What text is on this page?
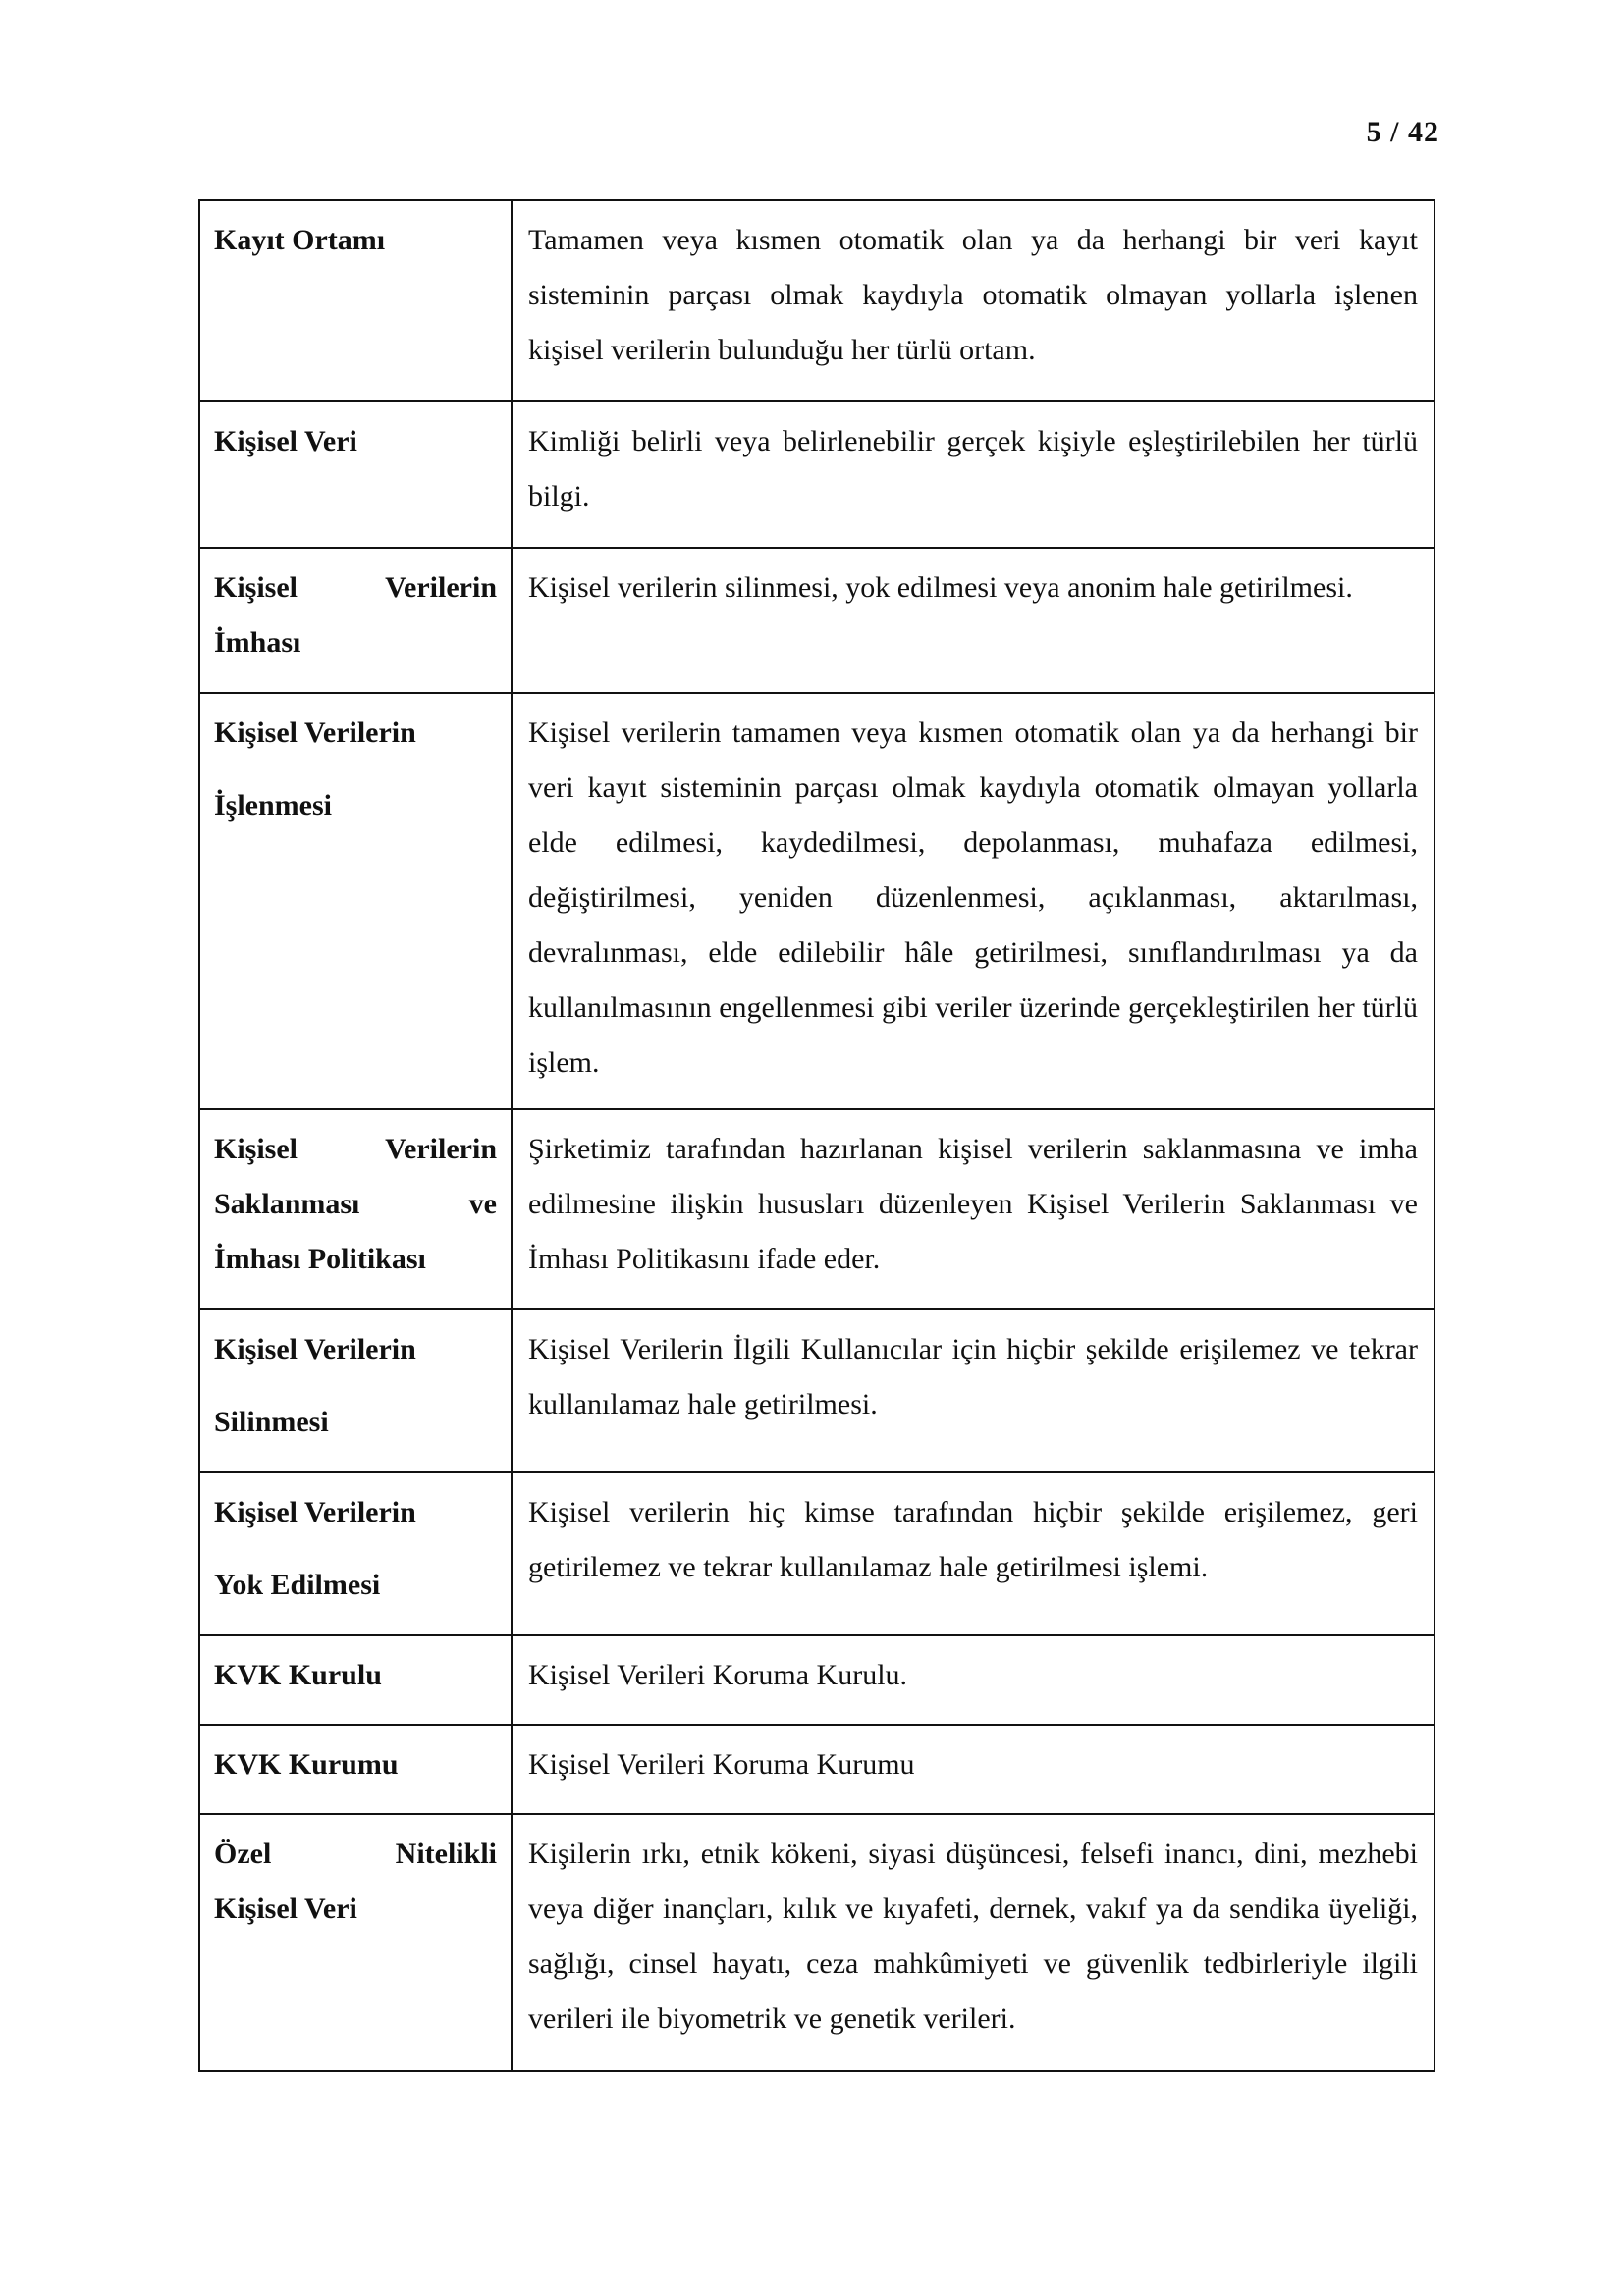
5 / 42
Kayıt Ortamı	Tamamen veya kısmen otomatik olan ya da herhangi bir veri kayıt sisteminin parçası olmak kaydıyla otomatik olmayan yollarla işlenen kişisel verilerin bulunduğu her türlü ortam.

Kişisel Veri	Kimliği belirli veya belirlenebilir gerçek kişiyle eşleştirilebilen her türlü bilgi.

Kişisel Verilerin
İmhası	Kişisel verilerin silinmesi, yok edilmesi veya anonim hale getirilmesi.

Kişisel Verilerin
İşlenmesi	Kişisel verilerin tamamen veya kısmen otomatik olan ya da herhangi bir veri kayıt sisteminin parçası olmak kaydıyla otomatik olmayan yollarla elde edilmesi, kaydedilmesi, depolanması, muhafaza edilmesi, değiştirilmesi, yeniden düzenlenmesi, açıklanması, aktarılması, devralınması, elde edilebilir hâle getirilmesi, sınıflandırılması ya da kullanılmasının engellenmesi gibi veriler üzerinde gerçekleştirilen her türlü işlem.

Kişisel Verilerin
Saklanması ve
İmhası Politikası	Şirketimiz tarafından hazırlanan kişisel verilerin saklanmasına ve imha edilmesine ilişkin hususları düzenleyen Kişisel Verilerin Saklanması ve İmhası Politikasını ifade eder.

Kişisel Verilerin
Silinmesi	Kişisel Verilerin İlgili Kullanıcılar için hiçbir şekilde erişilemez ve tekrar kullanılamaz hale getirilmesi.

Kişisel Verilerin
Yok Edilmesi	Kişisel verilerin hiç kimse tarafından hiçbir şekilde erişilemez, geri getirilemez ve tekrar kullanılamaz hale getirilmesi işlemi.

KVK Kurulu	Kişisel Verileri Koruma Kurulu.

KVK Kurumu	Kişisel Verileri Koruma Kurumu

Özel Nitelikli
Kişisel Veri	Kişilerin ırkı, etnik kökeni, siyasi düşüncesi, felsefi inancı, dini, mezhebi veya diğer inançları, kılık ve kıyafeti, dernek, vakıf ya da sendika üyeliği, sağlığı, cinsel hayatı, ceza mahkûmiyeti ve güvenlik tedbirleriyle ilgili verileri ile biyometrik ve genetik verileri.
